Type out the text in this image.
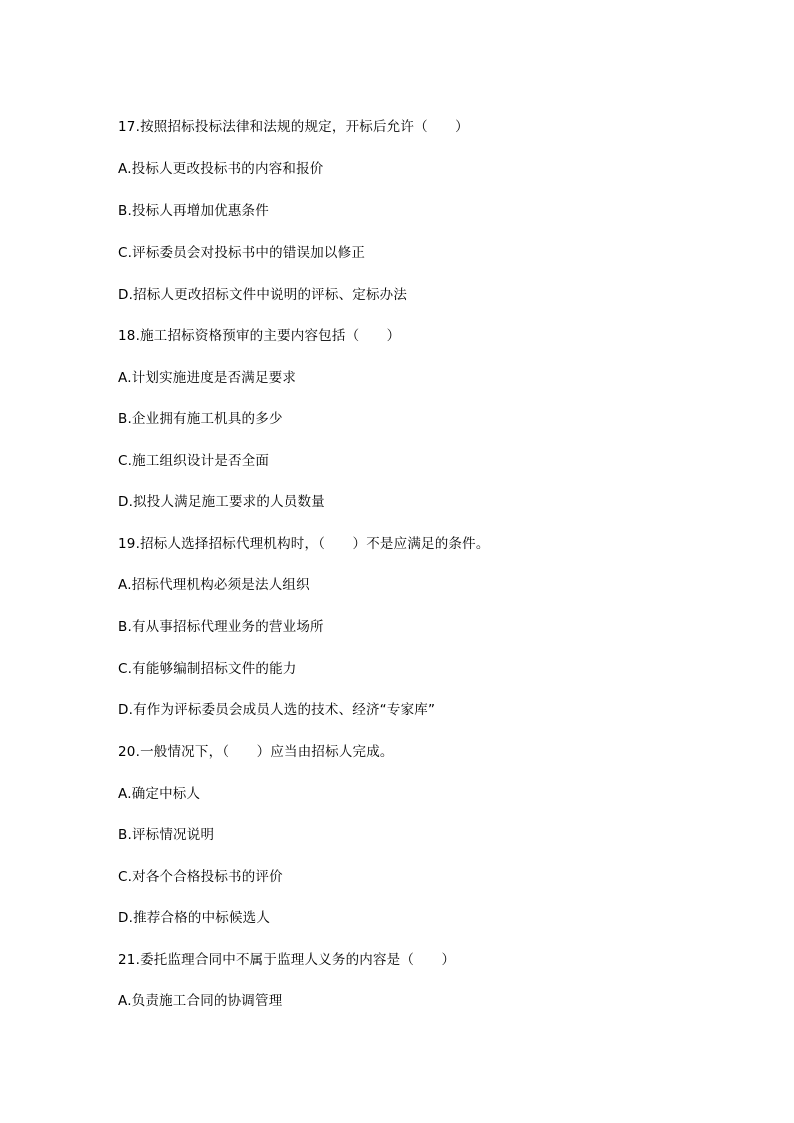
17.按照招标投标法律和法规的规定，开标后允许（　　）
A.投标人更改投标书的内容和报价
B.投标人再增加优惠条件
C.评标委员会对投标书中的错误加以修正
D.招标人更改招标文件中说明的评标、定标办法
18.施工招标资格预审的主要内容包括（　　）
A.计划实施进度是否满足要求
B.企业拥有施工机具的多少
C.施工组织设计是否全面
D.拟投人满足施工要求的人员数量
19.招标人选择招标代理机构时，（　　）不是应满足的条件。
A.招标代理机构必须是法人组织
B.有从事招标代理业务的营业场所
C.有能够编制招标文件的能力
D.有作为评标委员会成员人选的技术、经济“专家库”
20.一般情况下，（　　）应当由招标人完成。
A.确定中标人
B.评标情况说明
C.对各个合格投标书的评价
D.推荐合格的中标候选人
21.委托监理合同中不属于监理人义务的内容是（　　）
A.负责施工合同的协调管理
